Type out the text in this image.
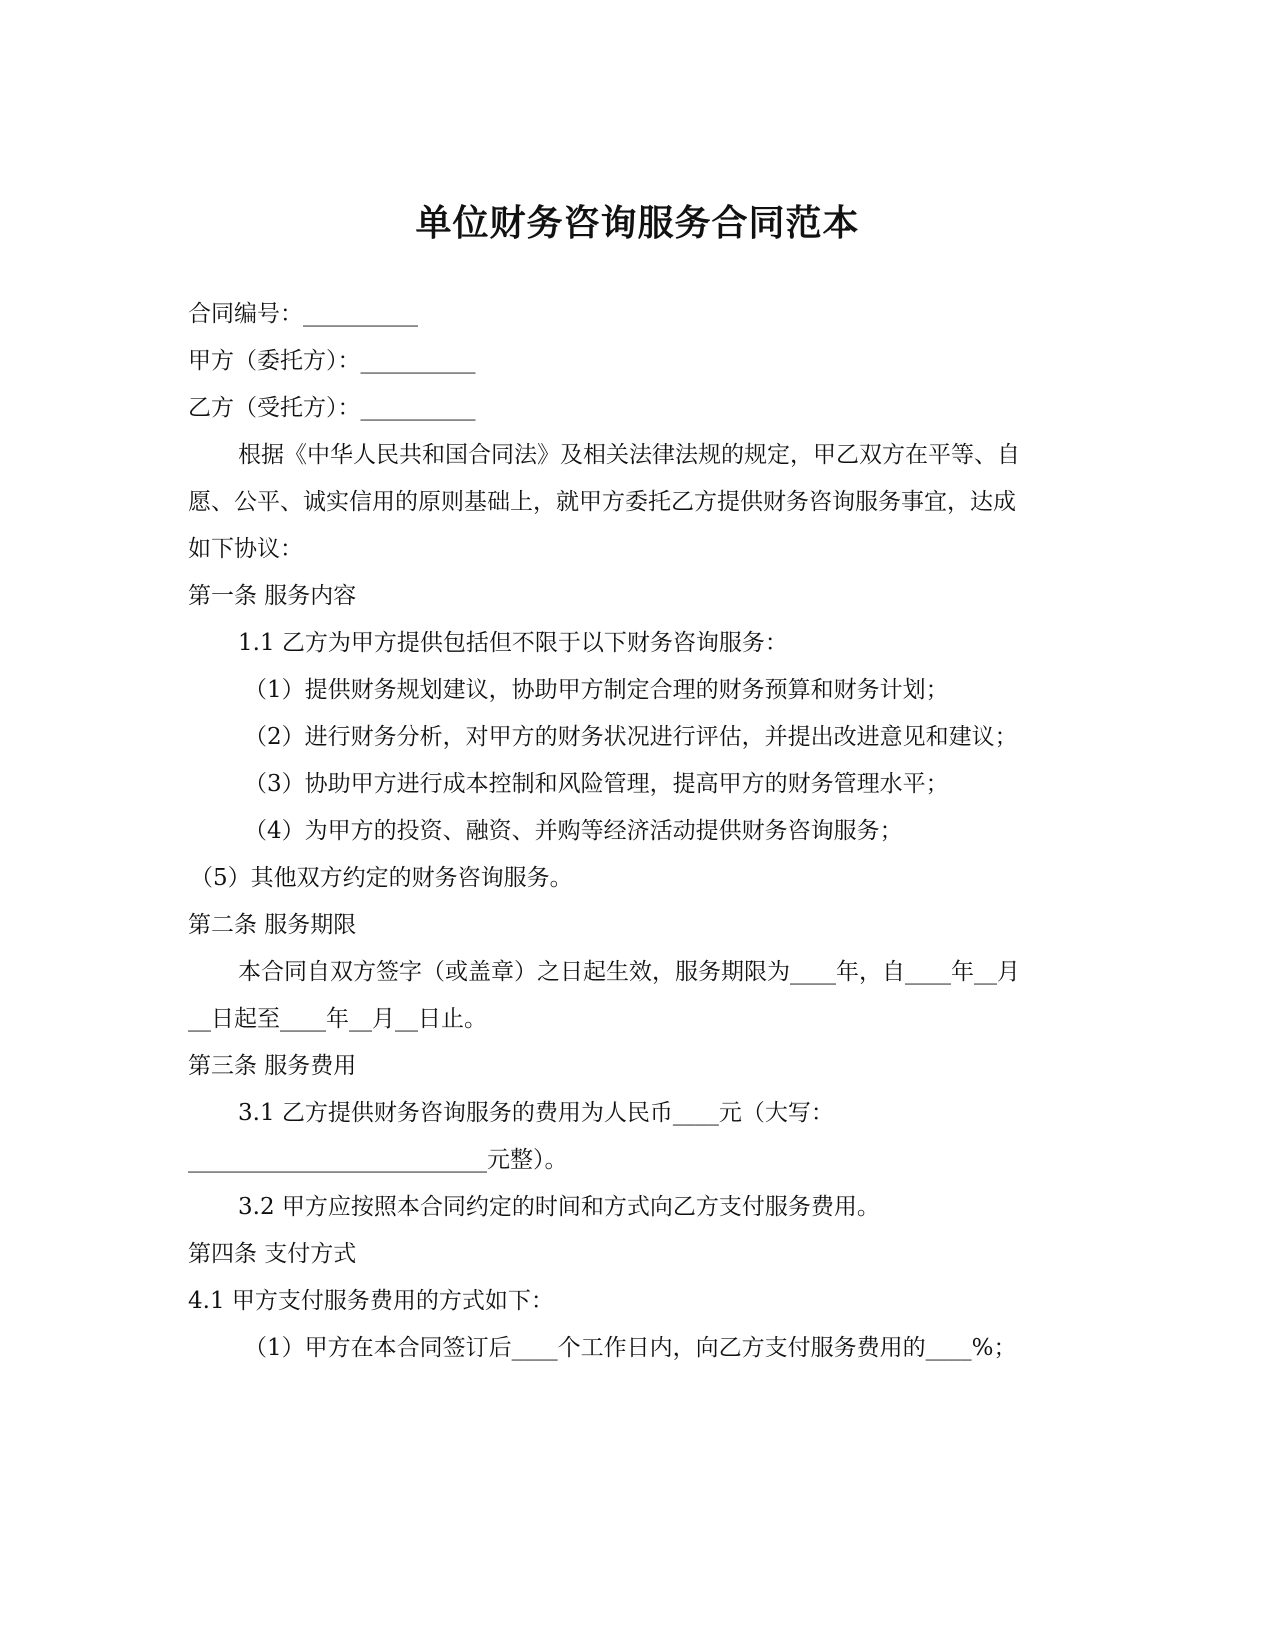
单位财务咨询服务合同范本

合同编号：__________

甲方（委托方）：__________

乙方（受托方）：__________

根据《中华人民共和国合同法》及相关法律法规的规定，甲乙双方在平等、自

愿、公平、诚实信用的原则基础上，就甲方委托乙方提供财务咨询服务事宜，达成

如下协议：

第一条 服务内容

1.1 乙方为甲方提供包括但不限于以下财务咨询服务：

（1）提供财务规划建议，协助甲方制定合理的财务预算和财务计划；

（2）进行财务分析，对甲方的财务状况进行评估，并提出改进意见和建议；

（3）协助甲方进行成本控制和风险管理，提高甲方的财务管理水平；

（4）为甲方的投资、融资、并购等经济活动提供财务咨询服务；

（5）其他双方约定的财务咨询服务。

第二条 服务期限

本合同自双方签字（或盖章）之日起生效，服务期限为____年，自____年__月

__日起至____年__月__日止。

第三条 服务费用

3.1 乙方提供财务咨询服务的费用为人民币____元（大写：

__________________________元整）。

3.2 甲方应按照本合同约定的时间和方式向乙方支付服务费用。

第四条 支付方式

4.1 甲方支付服务费用的方式如下：

（1）甲方在本合同签订后____个工作日内，向乙方支付服务费用的____%；
